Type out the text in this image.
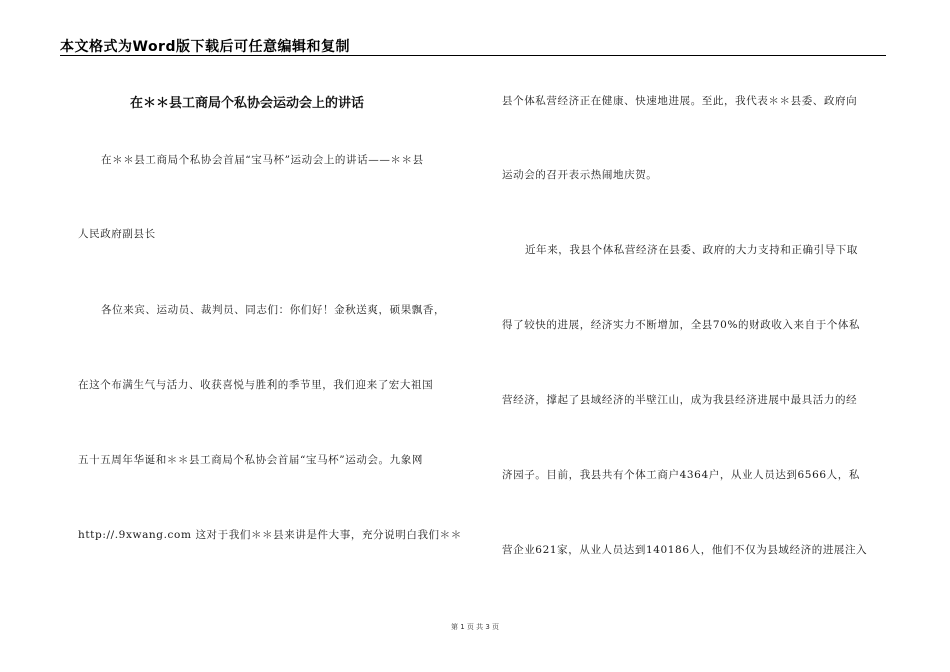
本文格式为Word版下载后可任意编辑和复制
在＊＊县工商局个私协会运动会上的讲话
在＊＊县工商局个私协会首届“宝马杯”运动会上的讲话——＊＊县
人民政府副县长
各位来宾、运动员、裁判员、同志们：你们好！金秋送爽，硕果飘香，
在这个布满生气与活力、收获喜悦与胜利的季节里，我们迎来了宏大祖国
五十五周年华诞和＊＊县工商局个私协会首届“宝马杯”运动会。九象网
http://.9xwang.com 这对于我们＊＊县来讲是件大事，充分说明白我们＊＊
县个体私营经济正在健康、快速地进展。至此，我代表＊＊县委、政府向
运动会的召开表示热闹地庆贺。
近年来，我县个体私营经济在县委、政府的大力支持和正确引导下取
得了较快的进展，经济实力不断增加，全县70%的财政收入来自于个体私
营经济，撑起了县域经济的半壁江山，成为我县经济进展中最具活力的经
济园子。目前，我县共有个体工商户4364户，从业人员达到6566人，私
营企业621家，从业人员达到140186人，他们不仅为县域经济的进展注入
第 1 页 共 3 页
